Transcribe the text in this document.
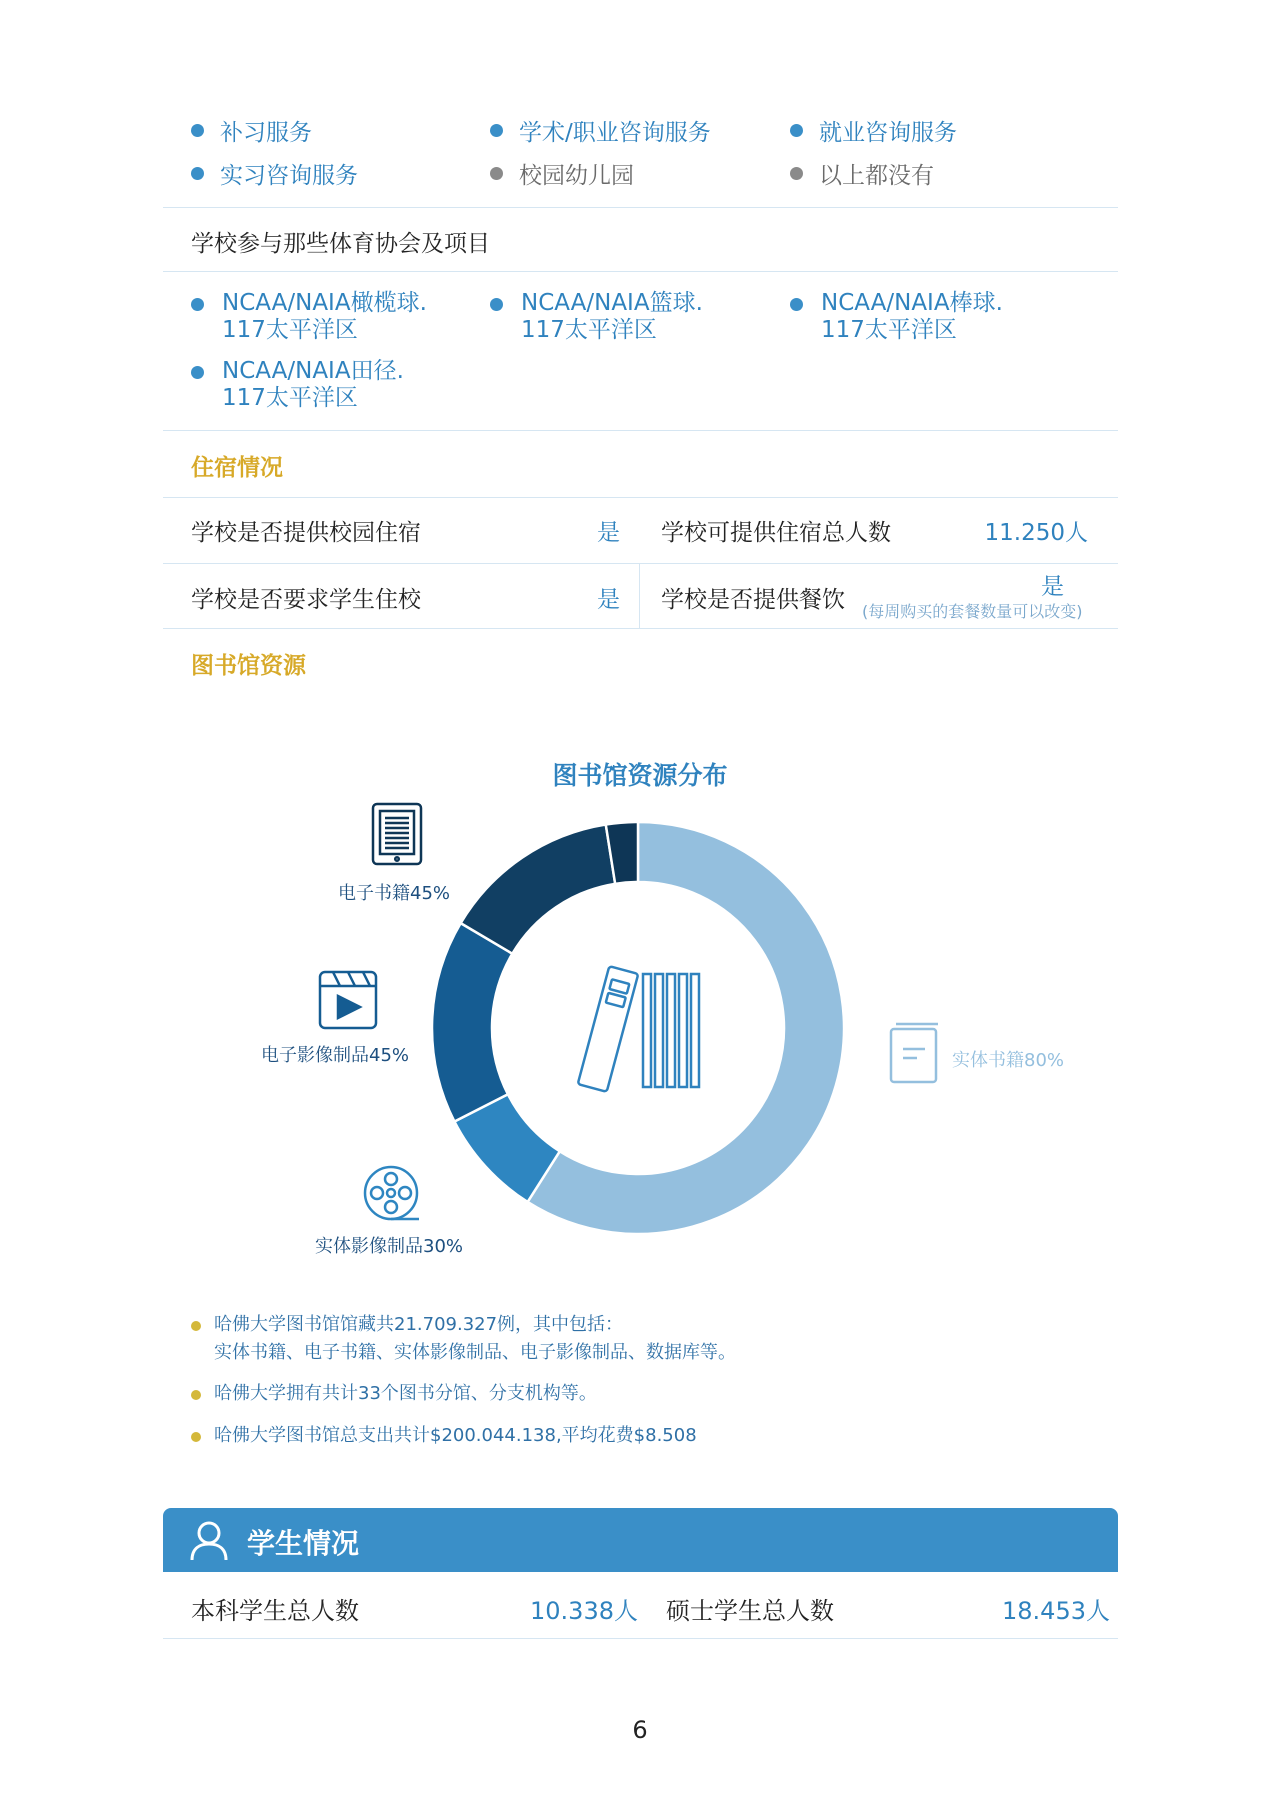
补习服务	学术/职业咨询服务	就业咨询服务
实习咨询服务	校园幼儿园	以上都没有
学校参与那些体育协会及项目
NCAA/NAIA橄榄球.
117太平洋区
NCAA/NAIA篮球.
117太平洋区
NCAA/NAIA棒球.
117太平洋区
NCAA/NAIA田径.
117太平洋区
住宿情况
学校是否提供校园住宿	是 学校可提供住宿总人数	11.250人
学校是否要求学生住校	是 学校是否提供餐饮	是
(每周购买的套餐数量可以改变)
图书馆资源
图书馆资源分布
电子书籍45%
电子影像制品45%
实体影像制品30%
实体书籍80%
哈佛大学图书馆馆藏共21.709.327例，其中包括：
实体书籍、电子书籍、实体影像制品、电子影像制品、数据库等。
哈佛大学拥有共计33个图书分馆、分支机构等。
哈佛大学图书馆总支出共计$200.044.138,平均花费$8.508
学生情况
本科学生总人数	10.338人 硕士学生总人数	18.453人
6
